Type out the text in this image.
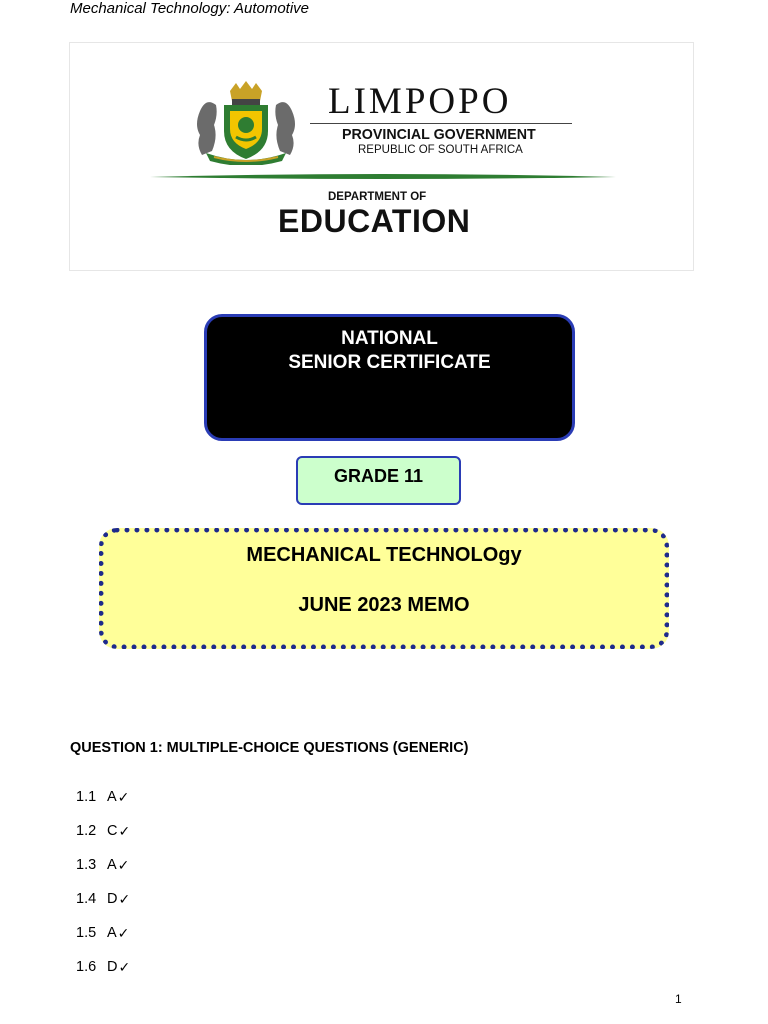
Mechanical Technology: Automotive
LIMPOPO
PROVINCIAL GOVERNMENT
REPUBLIC OF SOUTH AFRICA
DEPARTMENT OF
EDUCATION
NATIONAL
SENIOR CERTIFICATE
GRADE 11
MECHANICAL TECHNOLOgy
JUNE 2023 MEMO
QUESTION 1: MULTIPLE-CHOICE QUESTIONS (GENERIC)
1.1 A ✓
1.2 C ✓
1.3 A ✓
1.4 D ✓
1.5 A ✓
1.6 D ✓
1
